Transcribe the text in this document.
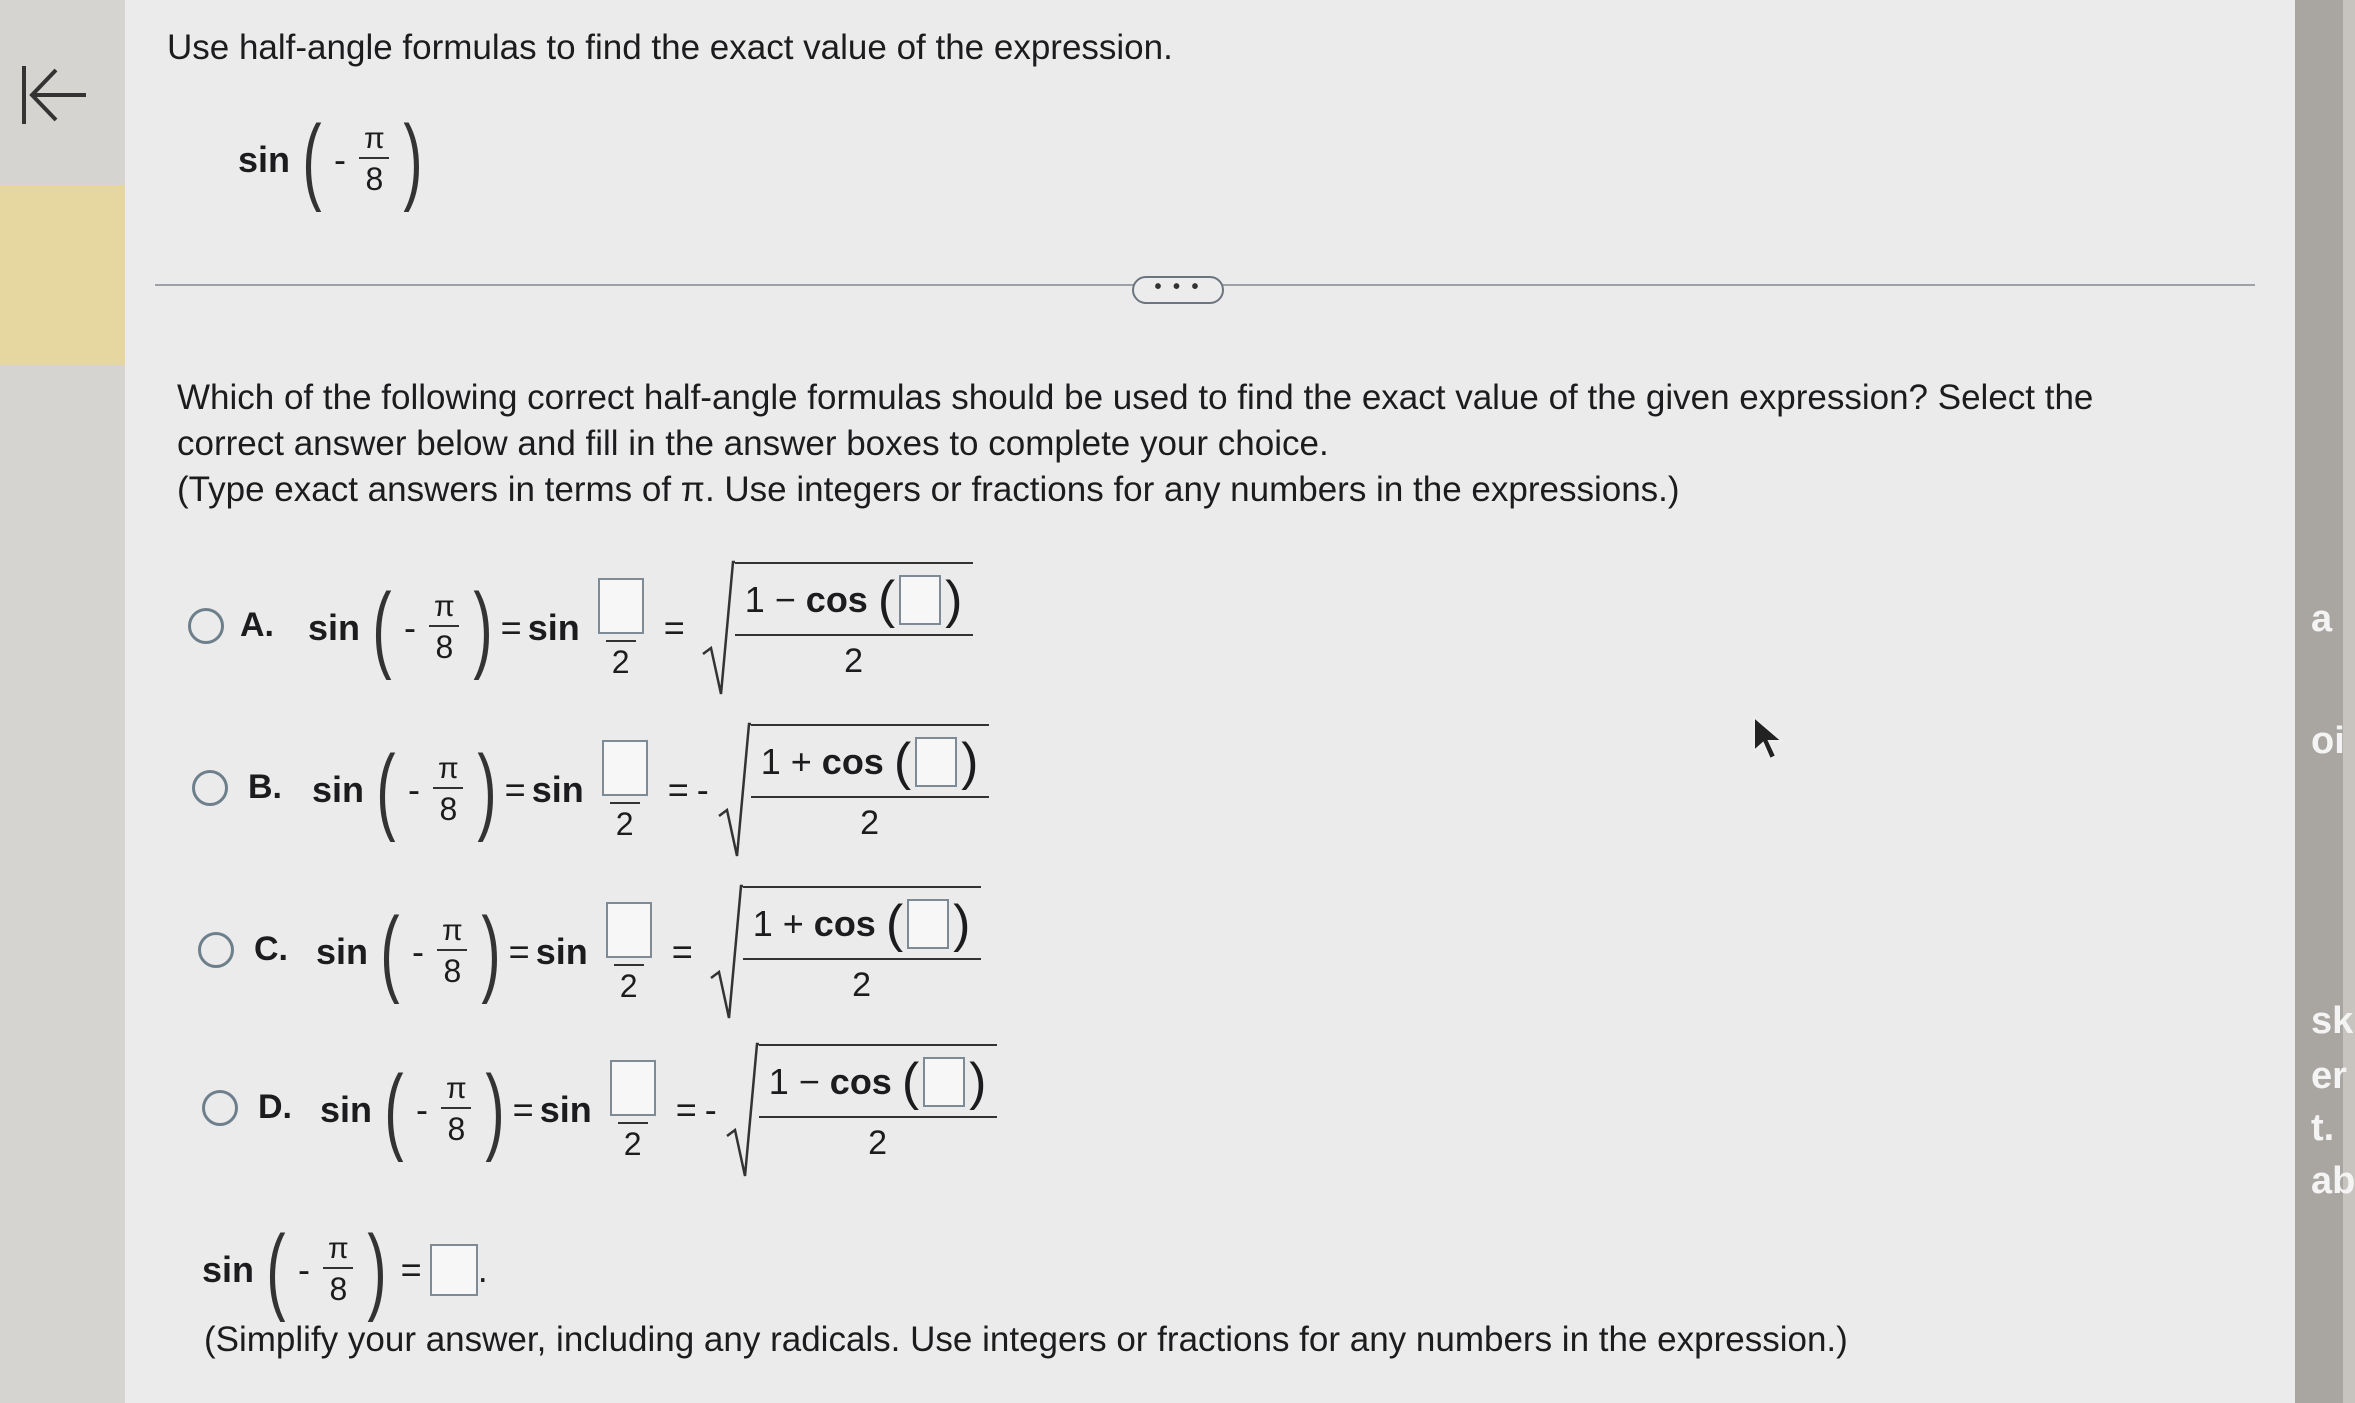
a
oi
sk
er
t.
ab
Use half-angle formulas to find the exact value of the expression.
sin ( - $\frac{\pi}{8}$ )
• • •
Which of the following correct half-angle formulas should be used to find the exact value of the given expression? Select the
correct answer below and fill in the answer boxes to complete your choice.
(Type exact answers in terms of π. Use integers or fractions for any numbers in the expressions.)
A. sin ( - $\frac{\pi}{8}$ ) = sin
2
=
1 − cos ( )
2
B. sin ( - $\frac{\pi}{8}$ ) = sin
2
= -
1 + cos ( )
2
C. sin ( - $\frac{\pi}{8}$ ) = sin
2
=
1 + cos ( )
2
D. sin ( - $\frac{\pi}{8}$ ) = sin
2
= -
1 − cos ( )
2
sin ( - $\frac{\pi}{8}$ ) = .
(Simplify your answer, including any radicals. Use integers or fractions for any numbers in the expression.)
